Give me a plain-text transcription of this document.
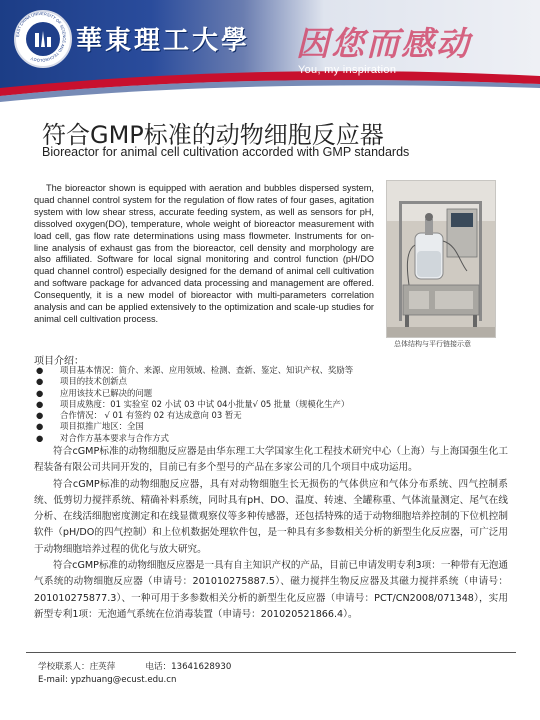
EAST CHINA UNIVERSITY OF SCIENCE AND TECHNOLOGY
華東理工大學 因您而感动
You, my inspiration
符合GMP标准的动物细胞反应器
Bioreactor for animal cell cultivation accorded with GMP standards
The bioreactor shown is equipped with aeration and bubbles dispersed system, quad channel control system for the regulation of flow rates of four gases, agitation system with low shear stress, accurate feeding system, as well as sensors for pH, dissolved oxygen(DO), temperature, whole weight of bioreactor measurement with load cell, gas flow rate determinations using mass flowmeter. Instruments for on-line analysis of exhaust gas from the bioreactor, cell density and morphology are also affiliated. Software for local signal monitoring and control function (pH/DO quad channel control) especially designed for the demand of animal cell cultivation and software package for advanced data processing and management are offered. Consequently, it is a new model of bioreactor with multi-parameters correlation analysis and can be applied extensively to the optimization and scale-up studies for animal cell cultivation process.
总体结构与平行链接示意
项目介绍：
●	项目基本情况：简介、来源、应用领域、检测、查新、鉴定、知识产权、奖励等
●	项目的技术创新点
●	应用该技术已解决的问题
●	项目成熟度：01 实验室 02 小试 03 中试 04小批量√ 05 批量（规模化生产）
●	合作情况： √ 01 有签约 02 有达成意向 03 暂无
●	项目拟推广地区：全国
●	对合作方基本要求与合作方式

符合cGMP标准的动物细胞反应器是由华东理工大学国家生化工程技术研究中心（上海）与上海国强生化工程装备有限公司共同开发的，目前已有多个型号的产品在多家公司的几个项目中成功运用。

符合cGMP标准的动物细胞反应器，具有对动物细胞生长无损伤的气体供应和气体分布系统、四气控制系统、低剪切力搅拌系统、精确补料系统，同时具有pH、DO、温度、转速、全罐称重、气体流量测定、尾气在线分析、在线活细胞密度测定和在线显微观察仪等多种传感器，还包括特殊的适于动物细胞培养控制的下位机控制软件（pH/DO的四气控制）和上位机数据处理软件包，是一种具有多参数相关分析的新型生化反应器，可广泛用于动物细胞培养过程的优化与放大研究。

符合cGMP标准的动物细胞反应器是一具有自主知识产权的产品，目前已申请发明专利3项：一种带有无泡通气系统的动物细胞反应器（申请号：201010275887.5）、磁力搅拌生物反应器及其磁力搅拌系统（申请号：201010275877.3）、一种可用于多参数相关分析的新型生化反应器（申请号：PCT/CN2008/071348），实用新型专利1项：无泡通气系统在位消毒装置（申请号：201020521866.4）。

学校联系人：庄英萍	电话：13641628930
E-mail: ypzhuang@ecust.edu.cn
